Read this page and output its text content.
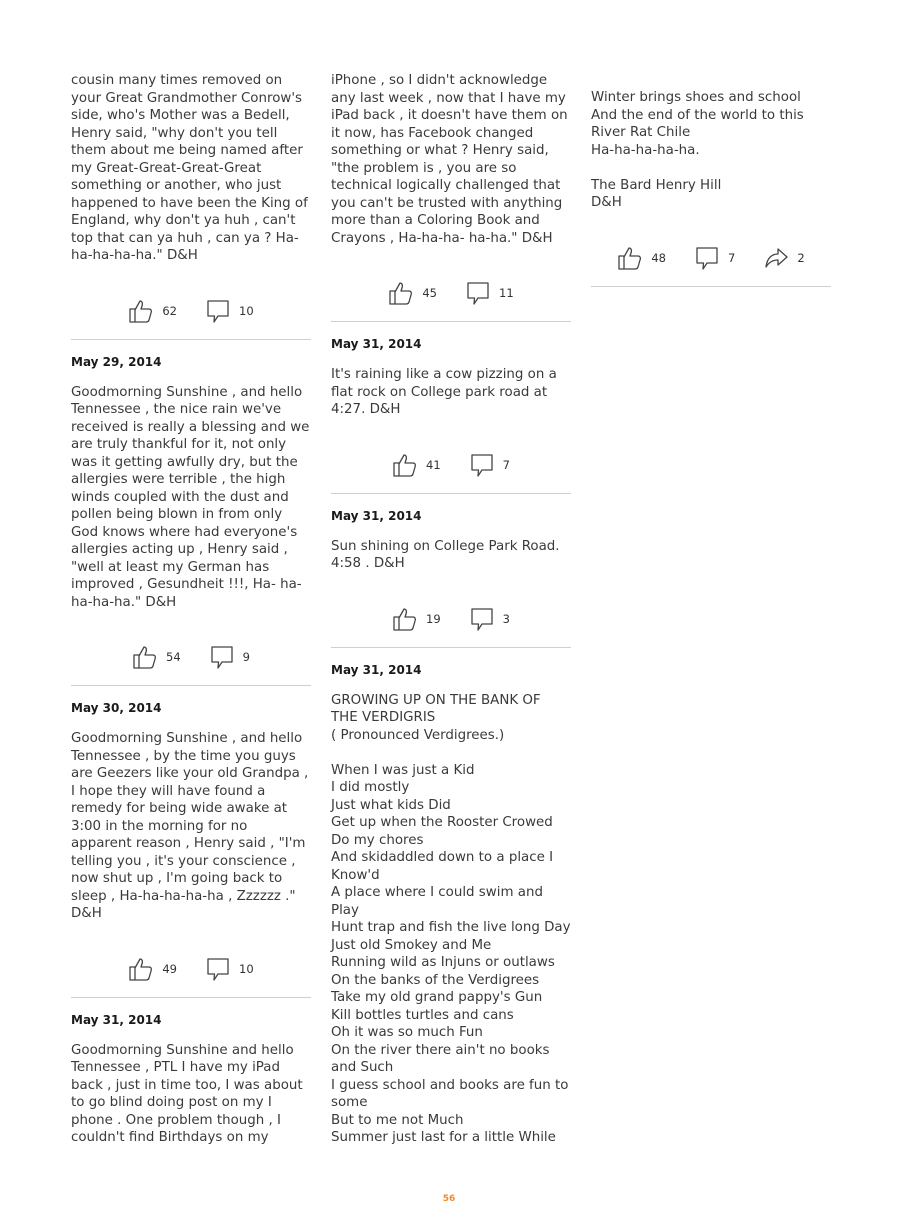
cousin many times removed on your Great Grandmother Conrow's side, who's Mother was a Bedell, Henry said, "why don't you tell them about me being named after my Great-Great-Great-Great something or another, who just happened to have been the King of England, why don't ya huh , can't top that can ya huh , can ya ? Ha-ha-ha-ha-ha." D&H

62	10
May 29, 2014

Goodmorning Sunshine , and hello Tennessee , the nice rain we've received is really a blessing and we are truly thankful for it, not only was it getting awfully dry, but the allergies were terrible , the high winds coupled with the dust and pollen being blown in from only God knows where had everyone's allergies acting up , Henry said , "well at least my German has improved , Gesundheit !!!, Ha- ha-ha-ha-ha." D&H

54	9
May 30, 2014

Goodmorning Sunshine , and hello Tennessee , by the time you guys are Geezers like your old Grandpa , I hope they will have found a remedy for being wide awake at 3:00 in the morning for no apparent reason , Henry said , "I'm telling you , it's your conscience , now shut up , I'm going back to sleep , Ha-ha-ha-ha-ha , Zzzzzz ." D&H

49	10
May 31, 2014

Goodmorning Sunshine and hello Tennessee , PTL I have my iPad back , just in time too, I was about to go blind doing post on my I phone . One problem though , I couldn't find Birthdays on my

iPhone , so I didn't acknowledge any last week , now that I have my iPad back , it doesn't have them on it now, has Facebook changed something or what ? Henry said, "the problem is , you are so technical logically challenged that you can't be trusted with anything more than a Coloring Book and Crayons , Ha-ha-ha- ha-ha." D&H

45	11
May 31, 2014

It's raining like a cow pizzing on a flat rock on College park road at 4:27. D&H

41	7
May 31, 2014

Sun shining on College Park Road. 4:58 . D&H

19	3
May 31, 2014

GROWING UP ON THE BANK OF THE VERDIGRIS
( Pronounced Verdigrees.)

When I was just a Kid
I did mostly
Just what kids Did
Get up when the Rooster Crowed
Do my chores
And skidaddled down to a place I Know'd
A place where I could swim and Play
Hunt trap and fish the live long Day
Just old Smokey and Me
Running wild as Injuns or outlaws
On the banks of the Verdigrees
Take my old grand pappy's Gun
Kill bottles turtles and cans
Oh it was so much Fun
On the river there ain't no books and Such
I guess school and books are fun to some
But to me not Much
Summer just last for a little While

Winter brings shoes and school
And the end of the world to this River Rat Chile
Ha-ha-ha-ha-ha.

The Bard Henry Hill
D&H

48	7	2
56
